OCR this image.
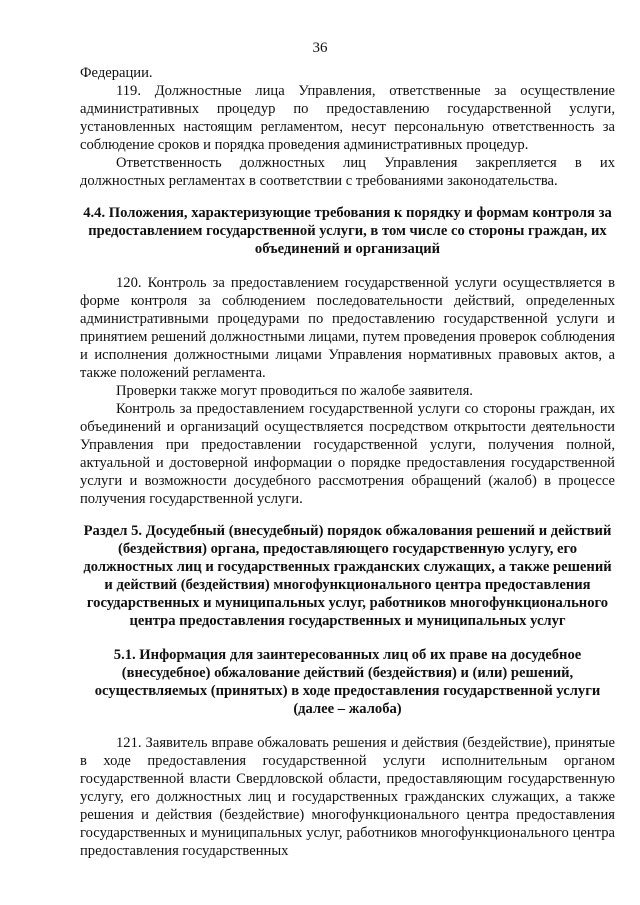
36

Федерации.

119. Должностные лица Управления, ответственные за осуществление административных процедур по предоставлению государственной услуги, установленных настоящим регламентом, несут персональную ответственность за соблюдение сроков и порядка проведения административных процедур.

Ответственность должностных лиц Управления закрепляется в их должностных регламентах в соответствии с требованиями законодательства.

4.4. Положения, характеризующие требования к порядку и формам контроля за предоставлением государственной услуги, в том числе со стороны граждан, их объединений и организаций

120. Контроль за предоставлением государственной услуги осуществляется в форме контроля за соблюдением последовательности действий, определенных административными процедурами по предоставлению государственной услуги и принятием решений должностными лицами, путем проведения проверок соблюдения и исполнения должностными лицами Управления нормативных правовых актов, а также положений регламента.

Проверки также могут проводиться по жалобе заявителя.

Контроль за предоставлением государственной услуги со стороны граждан, их объединений и организаций осуществляется посредством открытости деятельности Управления при предоставлении государственной услуги, получения полной, актуальной и достоверной информации о порядке предоставления государственной услуги и возможности досудебного рассмотрения обращений (жалоб) в процессе получения государственной услуги.

Раздел 5. Досудебный (внесудебный) порядок обжалования решений и действий (бездействия) органа, предоставляющего государственную услугу, его должностных лиц и государственных гражданских служащих, а также решений и действий (бездействия) многофункционального центра предоставления государственных и муниципальных услуг, работников многофункционального центра предоставления государственных и муниципальных услуг
5.1. Информация для заинтересованных лиц об их праве на досудебное (внесудебное) обжалование действий (бездействия) и (или) решений, осуществляемых (принятых) в ходе предоставления государственной услуги (далее – жалоба)

121. Заявитель вправе обжаловать решения и действия (бездействие), принятые в ходе предоставления государственной услуги исполнительным органом государственной власти Свердловской области, предоставляющим государственную услугу, его должностных лиц и государственных гражданских служащих, а также решения и действия (бездействие) многофункционального центра предоставления государственных и муниципальных услуг, работников многофункционального центра предоставления государственных
